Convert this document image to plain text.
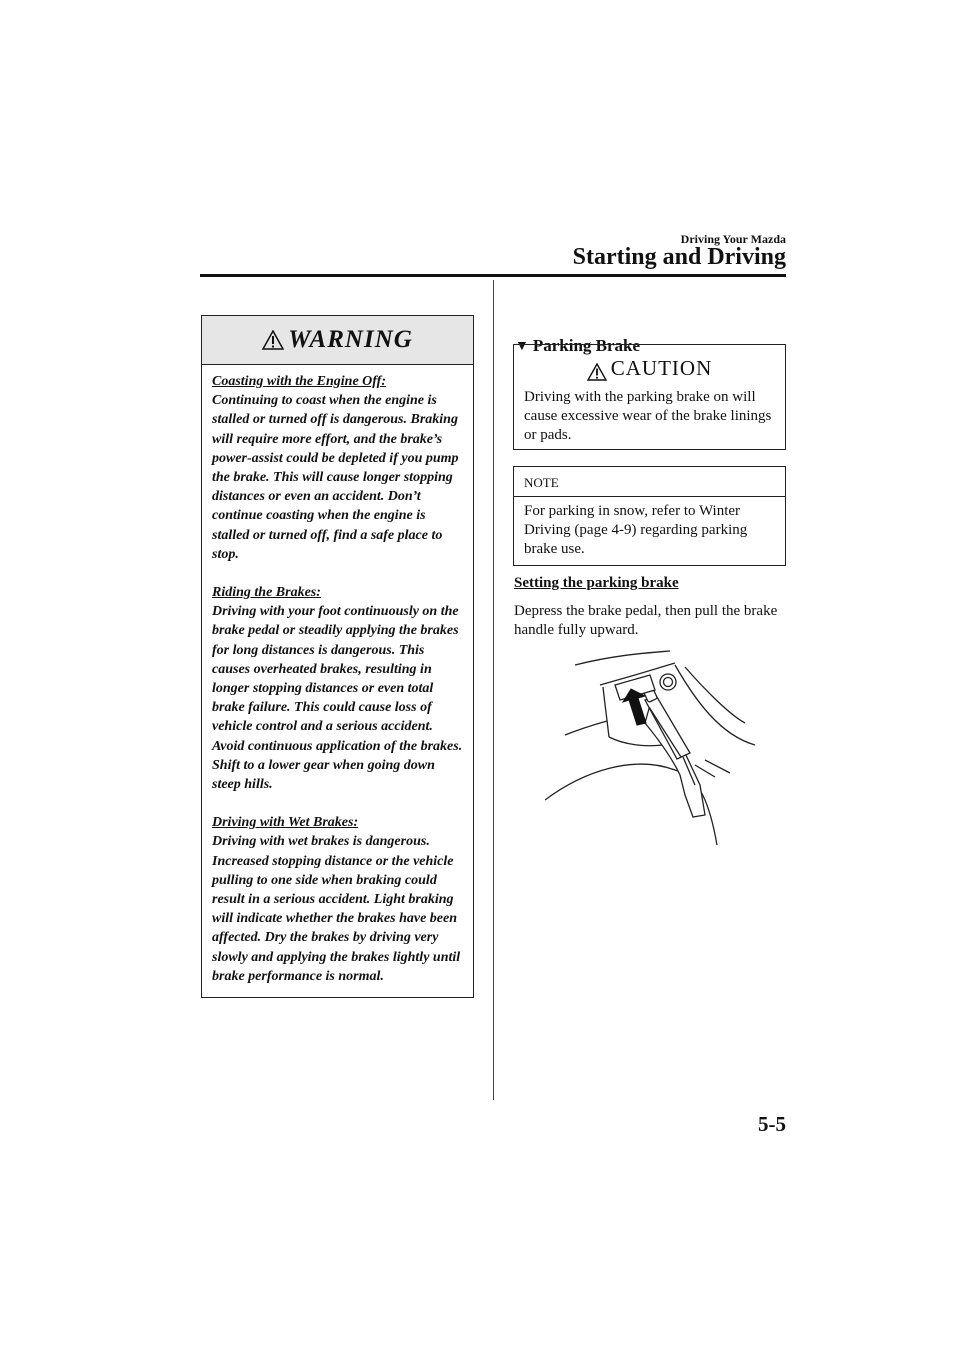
Driving Your Mazda
Starting and Driving
WARNING

Coasting with the Engine Off:
Continuing to coast when the engine is stalled or turned off is dangerous. Braking will require more effort, and the brake’s power-assist could be depleted if you pump the brake. This will cause longer stopping distances or even an accident. Don’t continue coasting when the engine is stalled or turned off, find a safe place to stop.

Riding the Brakes:
Driving with your foot continuously on the brake pedal or steadily applying the brakes for long distances is dangerous. This causes overheated brakes, resulting in longer stopping distances or even total brake failure. This could cause loss of vehicle control and a serious accident. Avoid continuous application of the brakes. Shift to a lower gear when going down steep hills.

Driving with Wet Brakes:
Driving with wet brakes is dangerous. Increased stopping distance or the vehicle pulling to one side when braking could result in a serious accident. Light braking will indicate whether the brakes have been affected. Dry the brakes by driving very slowly and applying the brakes lightly until brake performance is normal.

▼ Parking Brake
CAUTION
Driving with the parking brake on will cause excessive wear of the brake linings or pads.
NOTE
For parking in snow, refer to Winter Driving (page 4-9) regarding parking brake use.
Setting the parking brake
Depress the brake pedal, then pull the brake handle fully upward.
5-5
